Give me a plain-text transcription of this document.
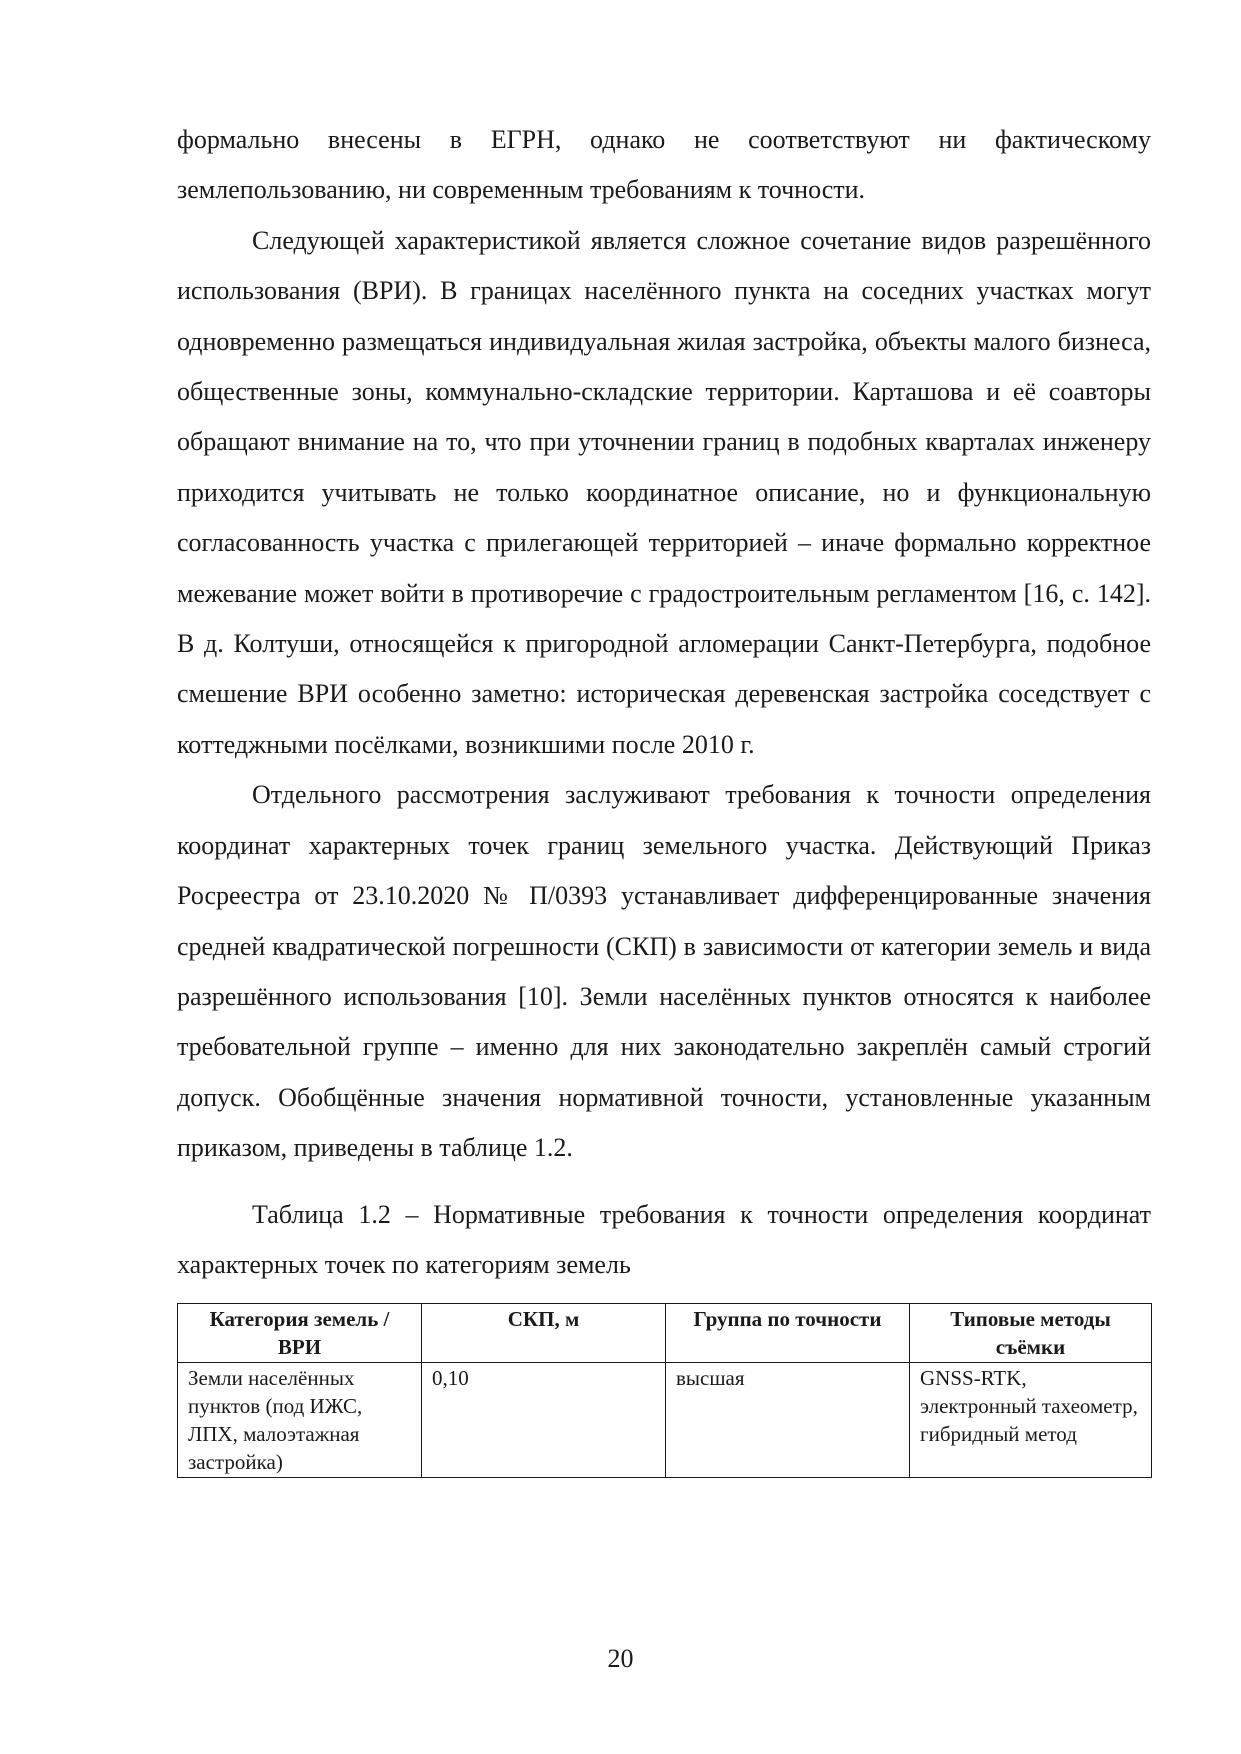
формально внесены в ЕГРН, однако не соответствуют ни фактическому землепользованию, ни современным требованиям к точности.

Следующей характеристикой является сложное сочетание видов разрешённого использования (ВРИ). В границах населённого пункта на соседних участках могут одновременно размещаться индивидуальная жилая застройка, объекты малого бизнеса, общественные зоны, коммунально-складские территории. Карташова и её соавторы обращают внимание на то, что при уточнении границ в подобных кварталах инженеру приходится учитывать не только координатное описание, но и функциональную согласованность участка с прилегающей территорией – иначе формально корректное межевание может войти в противоречие с градостроительным регламентом [16, с. 142]. В д. Колтуши, относящейся к пригородной агломерации Санкт-Петербурга, подобное смешение ВРИ особенно заметно: историческая деревенская застройка соседствует с коттеджными посёлками, возникшими после 2010 г.

Отдельного рассмотрения заслуживают требования к точности определения координат характерных точек границ земельного участка. Действующий Приказ Росреестра от 23.10.2020 № П/0393 устанавливает дифференцированные значения средней квадратической погрешности (СКП) в зависимости от категории земель и вида разрешённого использования [10]. Земли населённых пунктов относятся к наиболее требовательной группе – именно для них законодательно закреплён самый строгий допуск. Обобщённые значения нормативной точности, установленные указанным приказом, приведены в таблице 1.2.

Таблица 1.2 – Нормативные требования к точности определения координат характерных точек по категориям земель

Категория земель / ВРИ	СКП, м	Группа по точности	Типовые методы съёмки
Земли населённых пунктов (под ИЖС, ЛПХ, малоэтажная застройка)	0,10	высшая	GNSS-RTK, электронный тахеометр, гибридный метод
20
